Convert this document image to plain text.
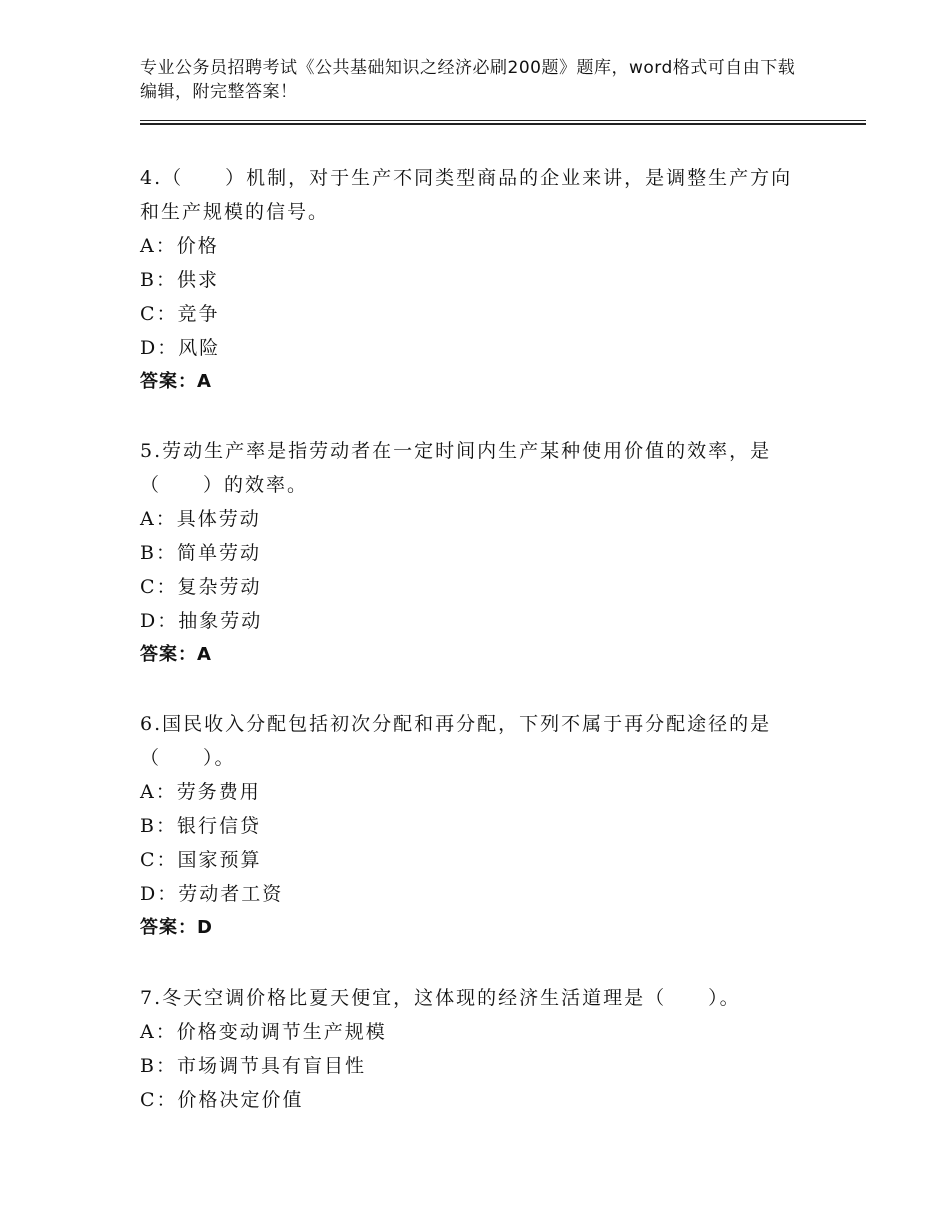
专业公务员招聘考试《公共基础知识之经济必刷200题》题库，word格式可自由下载编辑，附完整答案！

4.（　　）机制，对于生产不同类型商品的企业来讲，是调整生产方向和生产规模的信号。

A：价格

B：供求

C：竞争

D：风险

答案：A

5.劳动生产率是指劳动者在一定时间内生产某种使用价值的效率，是（　　）的效率。

A：具体劳动

B：简单劳动

C：复杂劳动

D：抽象劳动

答案：A

6.国民收入分配包括初次分配和再分配，下列不属于再分配途径的是（　　）。

A：劳务费用

B：银行信贷

C：国家预算

D：劳动者工资

答案：D

7.冬天空调价格比夏天便宜，这体现的经济生活道理是（　　）。

A：价格变动调节生产规模

B：市场调节具有盲目性

C：价格决定价值
